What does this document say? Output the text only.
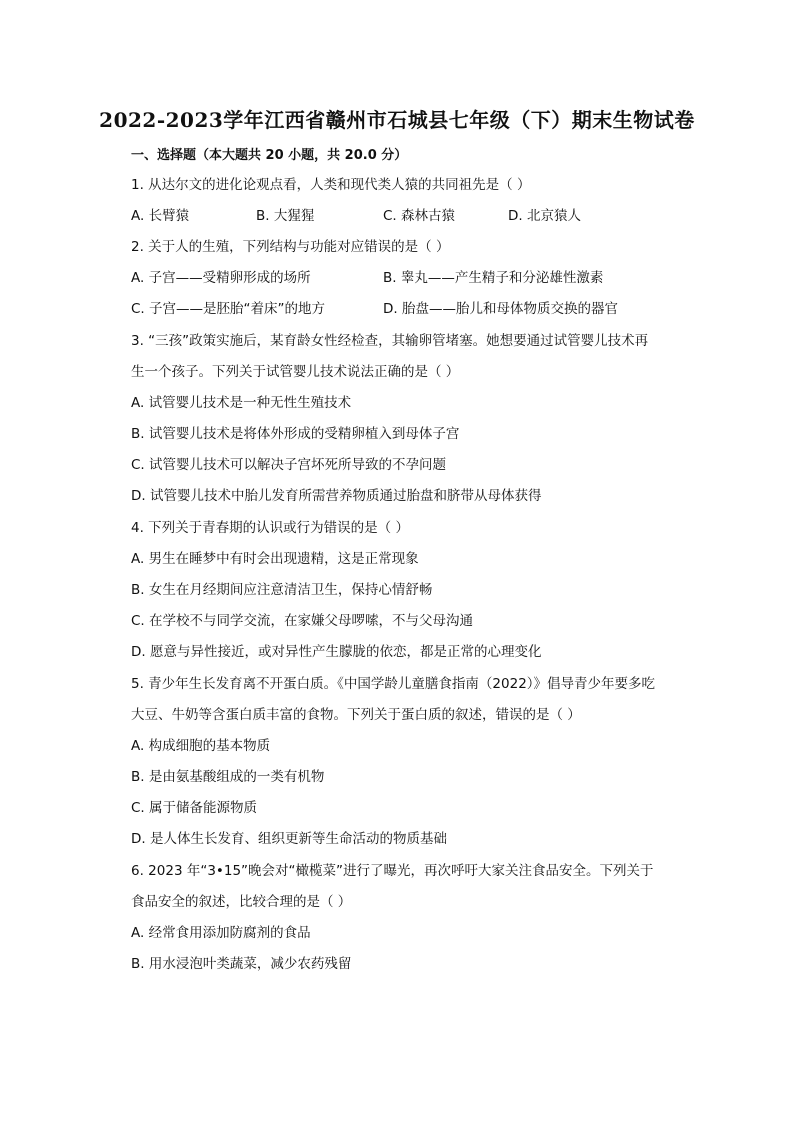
2022-2023学年江西省赣州市石城县七年级（下）期末生物试卷
一、选择题（本大题共 20 小题，共 20.0 分）
1. 从达尔文的进化论观点看，人类和现代类人猿的共同祖先是（ ）
A. 长臂猿	B. 大猩猩	C. 森林古猿	D. 北京猿人
2. 关于人的生殖，下列结构与功能对应错误的是（ ）
A. 子宫——受精卵形成的场所	B. 睾丸——产生精子和分泌雄性激素
C. 子宫——是胚胎“着床”的地方	D. 胎盘——胎儿和母体物质交换的器官
3. “三孩”政策实施后，某育龄女性经检查，其输卵管堵塞。她想要通过试管婴儿技术再
生一个孩子。下列关于试管婴儿技术说法正确的是（ ）
A. 试管婴儿技术是一种无性生殖技术
B. 试管婴儿技术是将体外形成的受精卵植入到母体子宫
C. 试管婴儿技术可以解决子宫坏死所导致的不孕问题
D. 试管婴儿技术中胎儿发育所需营养物质通过胎盘和脐带从母体获得
4. 下列关于青春期的认识或行为错误的是（ ）
A. 男生在睡梦中有时会出现遗精，这是正常现象
B. 女生在月经期间应注意清洁卫生，保持心情舒畅
C. 在学校不与同学交流，在家嫌父母啰嗦，不与父母沟通
D. 愿意与异性接近，或对异性产生朦胧的依恋，都是正常的心理变化
5. 青少年生长发育离不开蛋白质。《中国学龄儿童膳食指南（2022）》倡导青少年要多吃
大豆、牛奶等含蛋白质丰富的食物。下列关于蛋白质的叙述，错误的是（ ）
A. 构成细胞的基本物质
B. 是由氨基酸组成的一类有机物
C. 属于储备能源物质
D. 是人体生长发育、组织更新等生命活动的物质基础
6. 2023 年“3•15”晚会对“橄榄菜”进行了曝光，再次呼吁大家关注食品安全。下列关于
食品安全的叙述，比较合理的是（ ）
A. 经常食用添加防腐剂的食品
B. 用水浸泡叶类蔬菜，减少农药残留
